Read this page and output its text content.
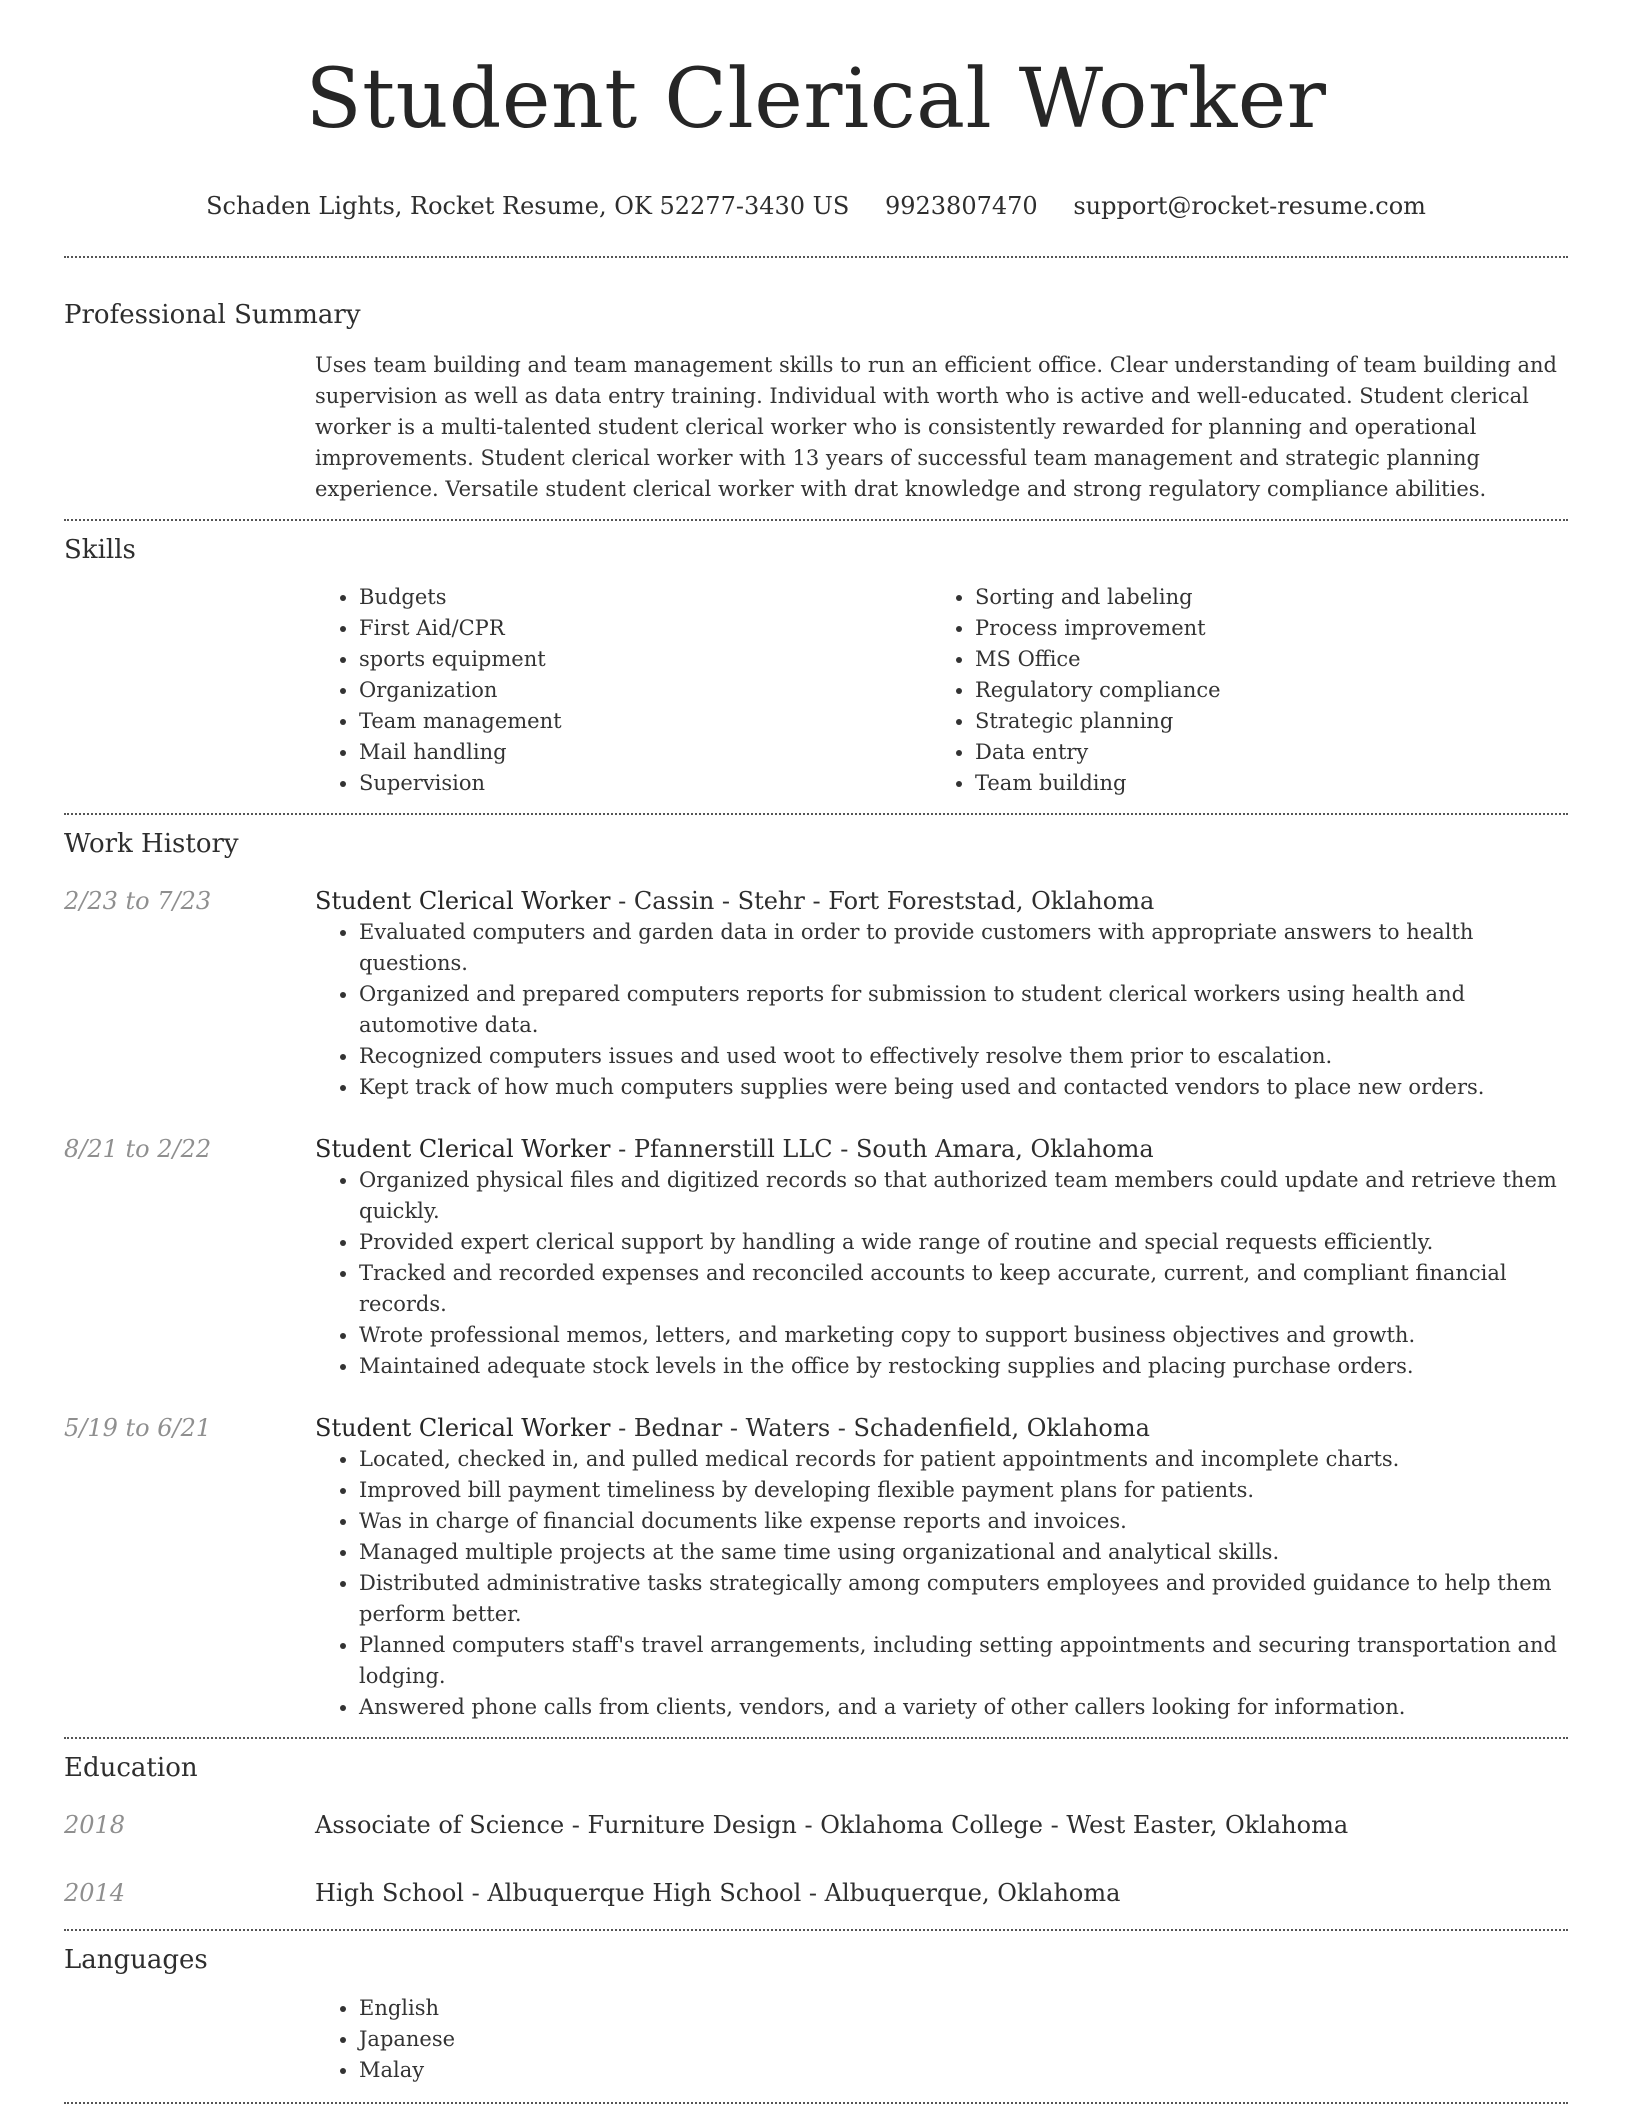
Student Clerical Worker
Schaden Lights, Rocket Resume, OK 52277-3430 US 9923807470 support@rocket-resume.com
Professional Summary
Uses team building and team management skills to run an efficient office. Clear understanding of team building and supervision as well as data entry training. Individual with worth who is active and well-educated. Student clerical worker is a multi-talented student clerical worker who is consistently rewarded for planning and operational improvements. Student clerical worker with 13 years of successful team management and strategic planning experience. Versatile student clerical worker with drat knowledge and strong regulatory compliance abilities.
Skills
• Budgets
• First Aid/CPR
• sports equipment
• Organization
• Team management
• Mail handling
• Supervision
• Sorting and labeling
• Process improvement
• MS Office
• Regulatory compliance
• Strategic planning
• Data entry
• Team building
Work History
2/23 to 7/23	Student Clerical Worker - Cassin - Stehr - Fort Foreststad, Oklahoma
• Evaluated computers and garden data in order to provide customers with appropriate answers to health questions.
• Organized and prepared computers reports for submission to student clerical workers using health and automotive data.
• Recognized computers issues and used woot to effectively resolve them prior to escalation.
• Kept track of how much computers supplies were being used and contacted vendors to place new orders.
8/21 to 2/22	Student Clerical Worker - Pfannerstill LLC - South Amara, Oklahoma
• Organized physical files and digitized records so that authorized team members could update and retrieve them quickly.
• Provided expert clerical support by handling a wide range of routine and special requests efficiently.
• Tracked and recorded expenses and reconciled accounts to keep accurate, current, and compliant financial records.
• Wrote professional memos, letters, and marketing copy to support business objectives and growth.
• Maintained adequate stock levels in the office by restocking supplies and placing purchase orders.
5/19 to 6/21	Student Clerical Worker - Bednar - Waters - Schadenfield, Oklahoma
• Located, checked in, and pulled medical records for patient appointments and incomplete charts.
• Improved bill payment timeliness by developing flexible payment plans for patients.
• Was in charge of financial documents like expense reports and invoices.
• Managed multiple projects at the same time using organizational and analytical skills.
• Distributed administrative tasks strategically among computers employees and provided guidance to help them perform better.
• Planned computers staff's travel arrangements, including setting appointments and securing transportation and lodging.
• Answered phone calls from clients, vendors, and a variety of other callers looking for information.
Education
2018	Associate of Science - Furniture Design - Oklahoma College - West Easter, Oklahoma
2014	High School - Albuquerque High School - Albuquerque, Oklahoma
Languages
• English
• Japanese
• Malay
